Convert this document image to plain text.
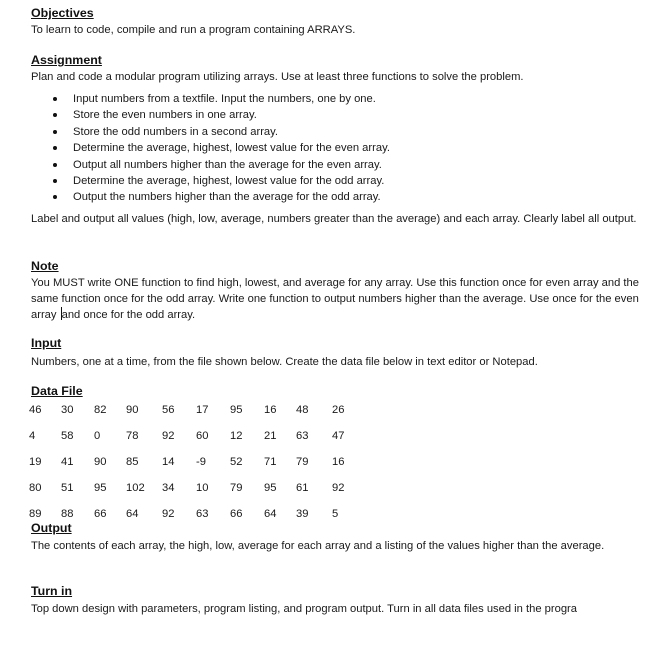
Objectives

To learn to code, compile and run a program containing ARRAYS.

Assignment

Plan and code a modular program utilizing arrays. Use at least three functions to solve the problem.

Input numbers from a textfile. Input the numbers, one by one.
Store the even numbers in one array.
Store the odd numbers in a second array.
Determine the average, highest, lowest value for the even array.
Output all numbers higher than the average for the even array.
Determine the average, highest, lowest value for the odd array.
Output the numbers higher than the average for the odd array.

Label and output all values (high, low, average, numbers greater than the average) and each array. Clearly label all output.

Note

You MUST write ONE function to find high, lowest, and average for any array. Use this function once for even array and the same function once for the odd array. Write one function to output numbers higher than the average. Use once for the even array and once for the odd array.

Input

Numbers, one at a time, from the file shown below. Create the data file below in text editor or Notepad.

Data File

46	30	82	90	56	17	95	16	48	26
4	58	0	78	92	60	12	21	63	47
19	41	90	85	14	-9	52	71	79	16
80	51	95	102	34	10	79	95	61	92
89	88	66	64	92	63	66	64	39	5

Output

The contents of each array, the high, low, average for each array and a listing of the values higher than the average.

Turn in

Top down design with parameters, program listing, and program output. Turn in all data files used in the progra
